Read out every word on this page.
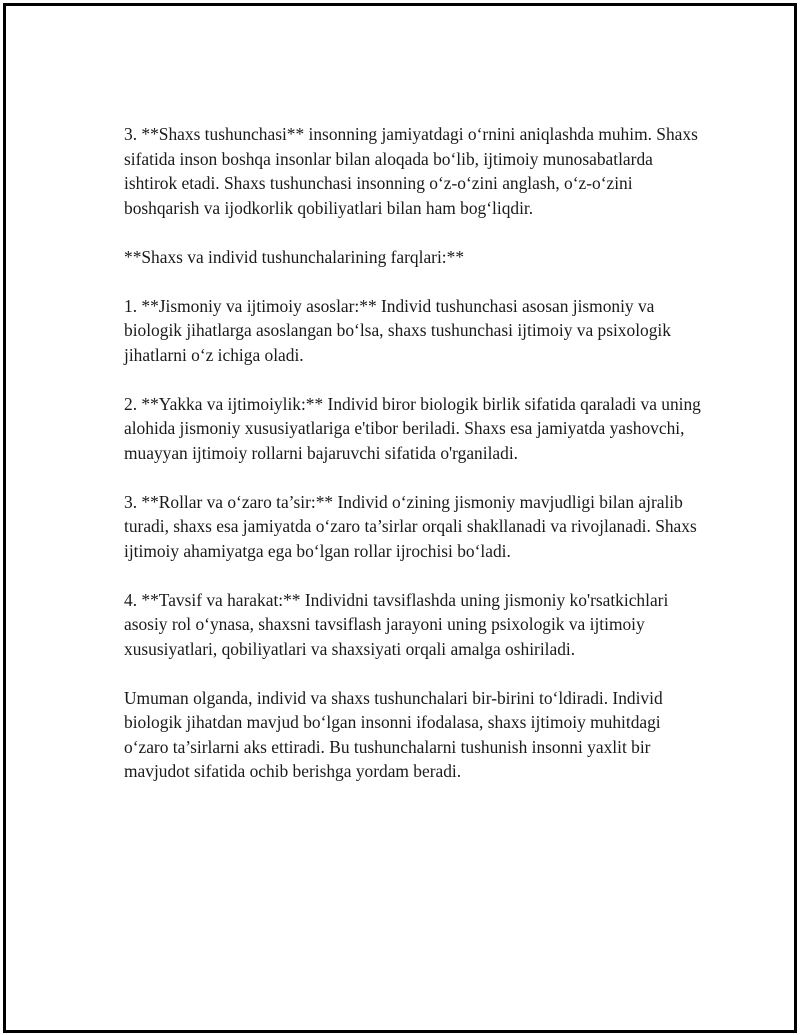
3. **Shaxs tushunchasi** insonning jamiyatdagi o‘rnini aniqlashda muhim. Shaxs sifatida inson boshqa insonlar bilan aloqada bo‘lib, ijtimoiy munosabatlarda ishtirok etadi. Shaxs tushunchasi insonning o‘z-o‘zini anglash, o‘z-o‘zini boshqarish va ijodkorlik qobiliyatlari bilan ham bog‘liqdir.

**Shaxs va individ tushunchalarining farqlari:**

1. **Jismoniy va ijtimoiy asoslar:** Individ tushunchasi asosan jismoniy va biologik jihatlarga asoslangan bo‘lsa, shaxs tushunchasi ijtimoiy va psixologik jihatlarni o‘z ichiga oladi.

2. **Yakka va ijtimoiylik:** Individ biror biologik birlik sifatida qaraladi va uning alohida jismoniy xususiyatlariga e'tibor beriladi. Shaxs esa jamiyatda yashovchi, muayyan ijtimoiy rollarni bajaruvchi sifatida o'rganiladi.

3. **Rollar va o‘zaro ta’sir:** Individ o‘zining jismoniy mavjudligi bilan ajralib turadi, shaxs esa jamiyatda o‘zaro ta’sirlar orqali shakllanadi va rivojlanadi. Shaxs ijtimoiy ahamiyatga ega bo‘lgan rollar ijrochisi bo‘ladi.

4. **Tavsif va harakat:** Individni tavsiflashda uning jismoniy ko'rsatkichlari asosiy rol o‘ynasa, shaxsni tavsiflash jarayoni uning psixologik va ijtimoiy xususiyatlari, qobiliyatlari va shaxsiyati orqali amalga oshiriladi.

Umuman olganda, individ va shaxs tushunchalari bir-birini to‘ldiradi. Individ biologik jihatdan mavjud bo‘lgan insonni ifodalasa, shaxs ijtimoiy muhitdagi o‘zaro ta’sirlarni aks ettiradi. Bu tushunchalarni tushunish insonni yaxlit bir mavjudot sifatida ochib berishga yordam beradi.
